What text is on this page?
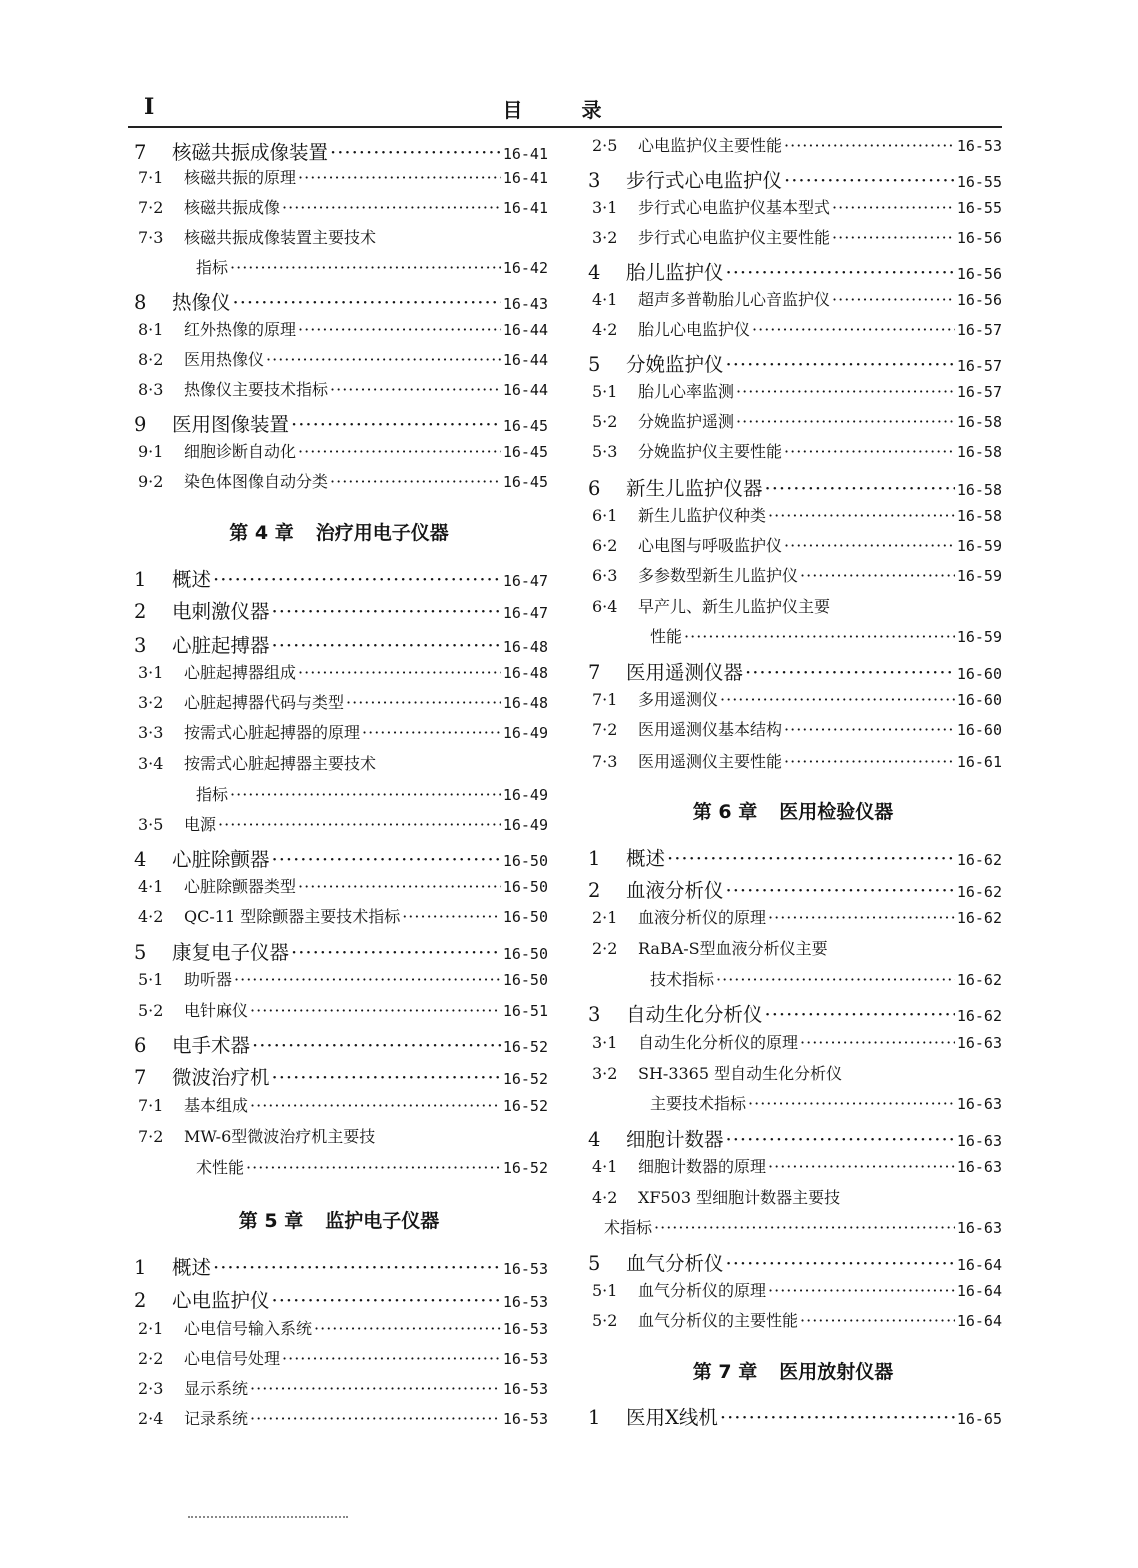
I	目 录
7	核磁共振成像装置 ·····	16-41
7·1	核磁共振的原理 ·····	16-41
7·2	核磁共振成像 ·····	16-41
7·3	核磁共振成像装置主要技术
指标 ·····	16-42
8	热像仪 ·····	16-43
8·1	红外热像的原理 ·····	16-44
8·2	医用热像仪 ·····	16-44
8·3	热像仪主要技术指标 ·····	16-44
9	医用图像装置 ·····	16-45
9·1	细胞诊断自动化 ·····	16-45
9·2	染色体图像自动分类 ·····	16-45
第 4 章 治疗用电子仪器
1	概述 ·····	16-47
2	电刺激仪器 ·····	16-47
3	心脏起搏器 ·····	16-48
3·1	心脏起搏器组成 ·····	16-48
3·2	心脏起搏器代码与类型 ·····	16-48
3·3	按需式心脏起搏器的原理 ·····	16-49
3·4	按需式心脏起搏器主要技术
指标 ·····	16-49
3·5	电源 ·····	16-49
4	心脏除颤器 ·····	16-50
4·1	心脏除颤器类型 ·····	16-50
4·2	QC-11 型除颤器主要技术指标 ·····	16-50
5	康复电子仪器 ·····	16-50
5·1	助听器 ·····	16-50
5·2	电针麻仪 ·····	16-51
6	电手术器 ·····	16-52
7	微波治疗机 ·····	16-52
7·1	基本组成 ·····	16-52
7·2	MW-6型微波治疗机主要技
术性能 ·····	16-52
第 5 章 监护电子仪器
1	概述 ·····	16-53
2	心电监护仪 ·····	16-53
2·1	心电信号输入系统 ·····	16-53
2·2	心电信号处理 ·····	16-53
2·3	显示系统 ·····	16-53
2·4	记录系统 ·····	16-53
2·5	心电监护仪主要性能 ·····	16-53
3	步行式心电监护仪 ·····	16-55
3·1	步行式心电监护仪基本型式 ·····	16-55
3·2	步行式心电监护仪主要性能 ·····	16-56
4	胎儿监护仪 ·····	16-56
4·1	超声多普勒胎儿心音监护仪 ·····	16-56
4·2	胎儿心电监护仪 ·····	16-57
5	分娩监护仪 ·····	16-57
5·1	胎儿心率监测 ·····	16-57
5·2	分娩监护遥测 ·····	16-58
5·3	分娩监护仪主要性能 ·····	16-58
6	新生儿监护仪器 ·····	16-58
6·1	新生儿监护仪种类 ·····	16-58
6·2	心电图与呼吸监护仪 ·····	16-59
6·3	多参数型新生儿监护仪 ·····	16-59
6·4	早产儿、新生儿监护仪主要
性能 ·····	16-59
7	医用遥测仪器 ·····	16-60
7·1	多用遥测仪 ·····	16-60
7·2	医用遥测仪基本结构 ·····	16-60
7·3	医用遥测仪主要性能 ·····	16-61
第 6 章 医用检验仪器
1	概述 ·····	16-62
2	血液分析仪 ·····	16-62
2·1	血液分析仪的原理 ·····	16-62
2·2	RaBA-S型血液分析仪主要
技术指标 ·····	16-62
3	自动生化分析仪 ·····	16-62
3·1	自动生化分析仪的原理 ·····	16-63
3·2	SH-3365 型自动生化分析仪
主要技术指标 ·····	16-63
4	细胞计数器 ·····	16-63
4·1	细胞计数器的原理 ·····	16-63
4·2	XF503 型细胞计数器主要技
术指标 ·····	16-63
5	血气分析仪 ·····	16-64
5·1	血气分析仪的原理 ·····	16-64
5·2	血气分析仪的主要性能 ·····	16-64
第 7 章 医用放射仪器
1	医用X线机 ·····	16-65
